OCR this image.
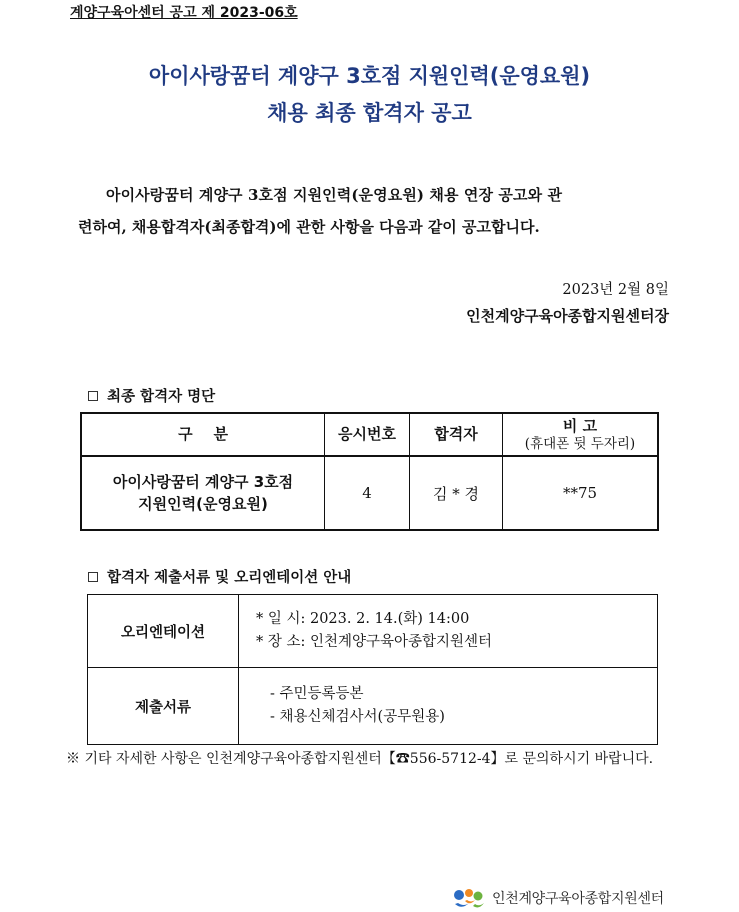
계양구육아센터 공고 제 2023-06호
아이사랑꿈터 계양구 3호점 지원인력(운영요원)
채용 최종 합격자 공고
아이사랑꿈터 계양구 3호점 지원인력(운영요원) 채용 연장 공고와 관
련하여, 채용합격자(최종합격)에 관한 사항을 다음과 같이 공고합니다.
2023년 2월 8일
인천계양구육아종합지원센터장
최종 합격자 명단
구    분	응시번호	합격자	비 고
(휴대폰 뒷 두자리)

아이사랑꿈터 계양구 3호점
지원인력(운영요원)	4	김 * 경	**75
합격자 제출서류 및 오리엔테이션 안내
오리엔테이션	* 일 시: 2023. 2. 14.(화) 14:00
* 장 소: 인천계양구육아종합지원센터

제출서류	- 주민등록등본
- 채용신체검사서(공무원용)
※ 기타 자세한 사항은 인천계양구육아종합지원센터【☎556-5712-4】로 문의하시기 바랍니다.
인천계양구육아종합지원센터
